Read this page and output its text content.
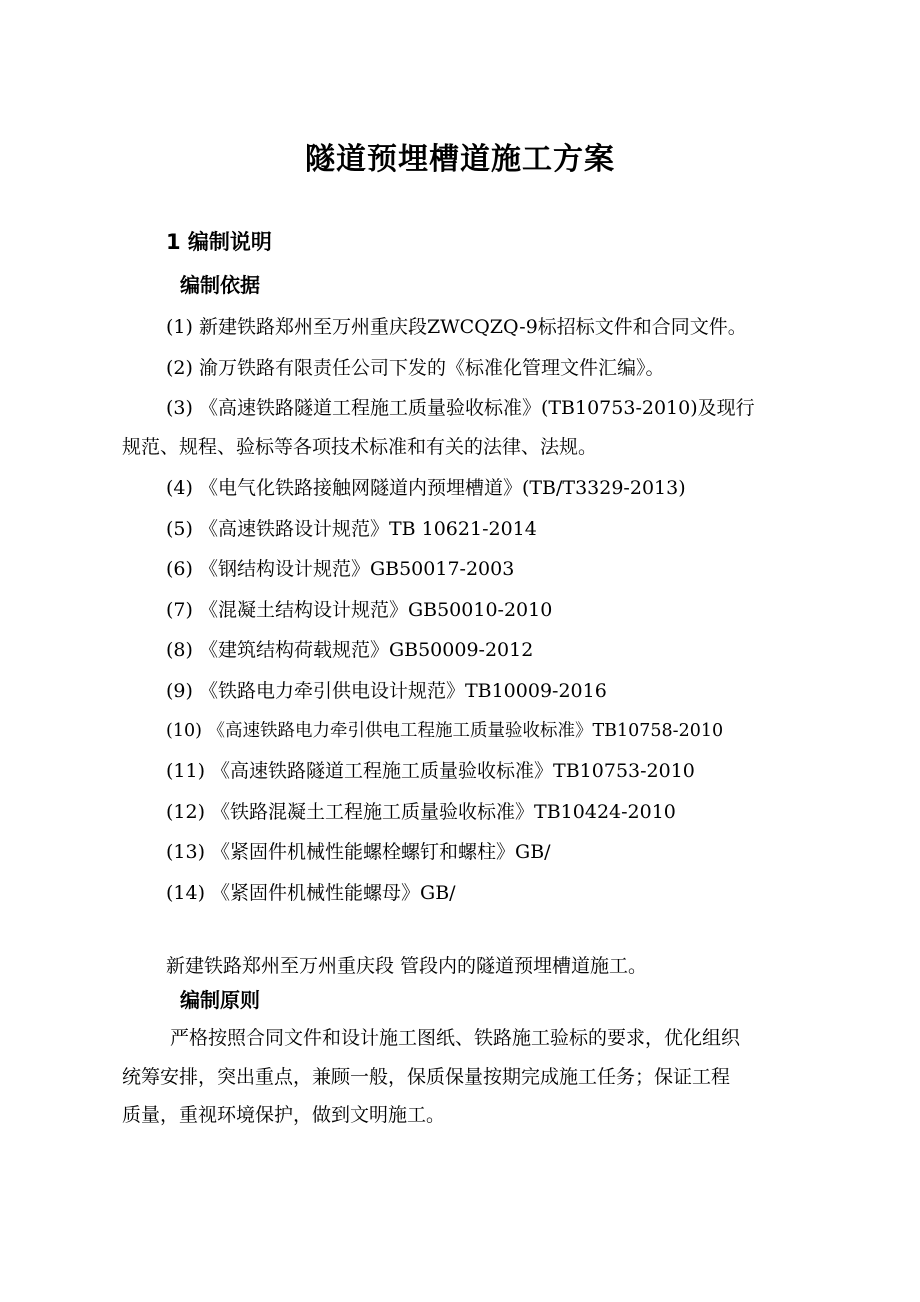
隧道预埋槽道施工方案
1 编制说明
编制依据
(1) 新建铁路郑州至万州重庆段ZWCQZQ-9标招标文件和合同文件。
(2) 渝万铁路有限责任公司下发的《标准化管理文件汇编》。
(3) 《高速铁路隧道工程施工质量验收标准》(TB10753-2010)及现行
规范、规程、验标等各项技术标准和有关的法律、法规。
(4) 《电气化铁路接触网隧道内预埋槽道》(TB/T3329-2013)
(5) 《高速铁路设计规范》TB 10621-2014
(6) 《钢结构设计规范》GB50017-2003
(7) 《混凝土结构设计规范》GB50010-2010
(8) 《建筑结构荷载规范》GB50009-2012
(9) 《铁路电力牵引供电设计规范》TB10009-2016
(10) 《高速铁路电力牵引供电工程施工质量验收标准》TB10758-2010
(11) 《高速铁路隧道工程施工质量验收标准》TB10753-2010
(12) 《铁路混凝土工程施工质量验收标准》TB10424-2010
(13) 《紧固件机械性能螺栓螺钉和螺柱》GB/
(14) 《紧固件机械性能螺母》GB/
新建铁路郑州至万州重庆段 管段内的隧道预埋槽道施工。
编制原则
严格按照合同文件和设计施工图纸、铁路施工验标的要求，优化组织
统筹安排，突出重点，兼顾一般，保质保量按期完成施工任务；保证工程
质量，重视环境保护，做到文明施工。
